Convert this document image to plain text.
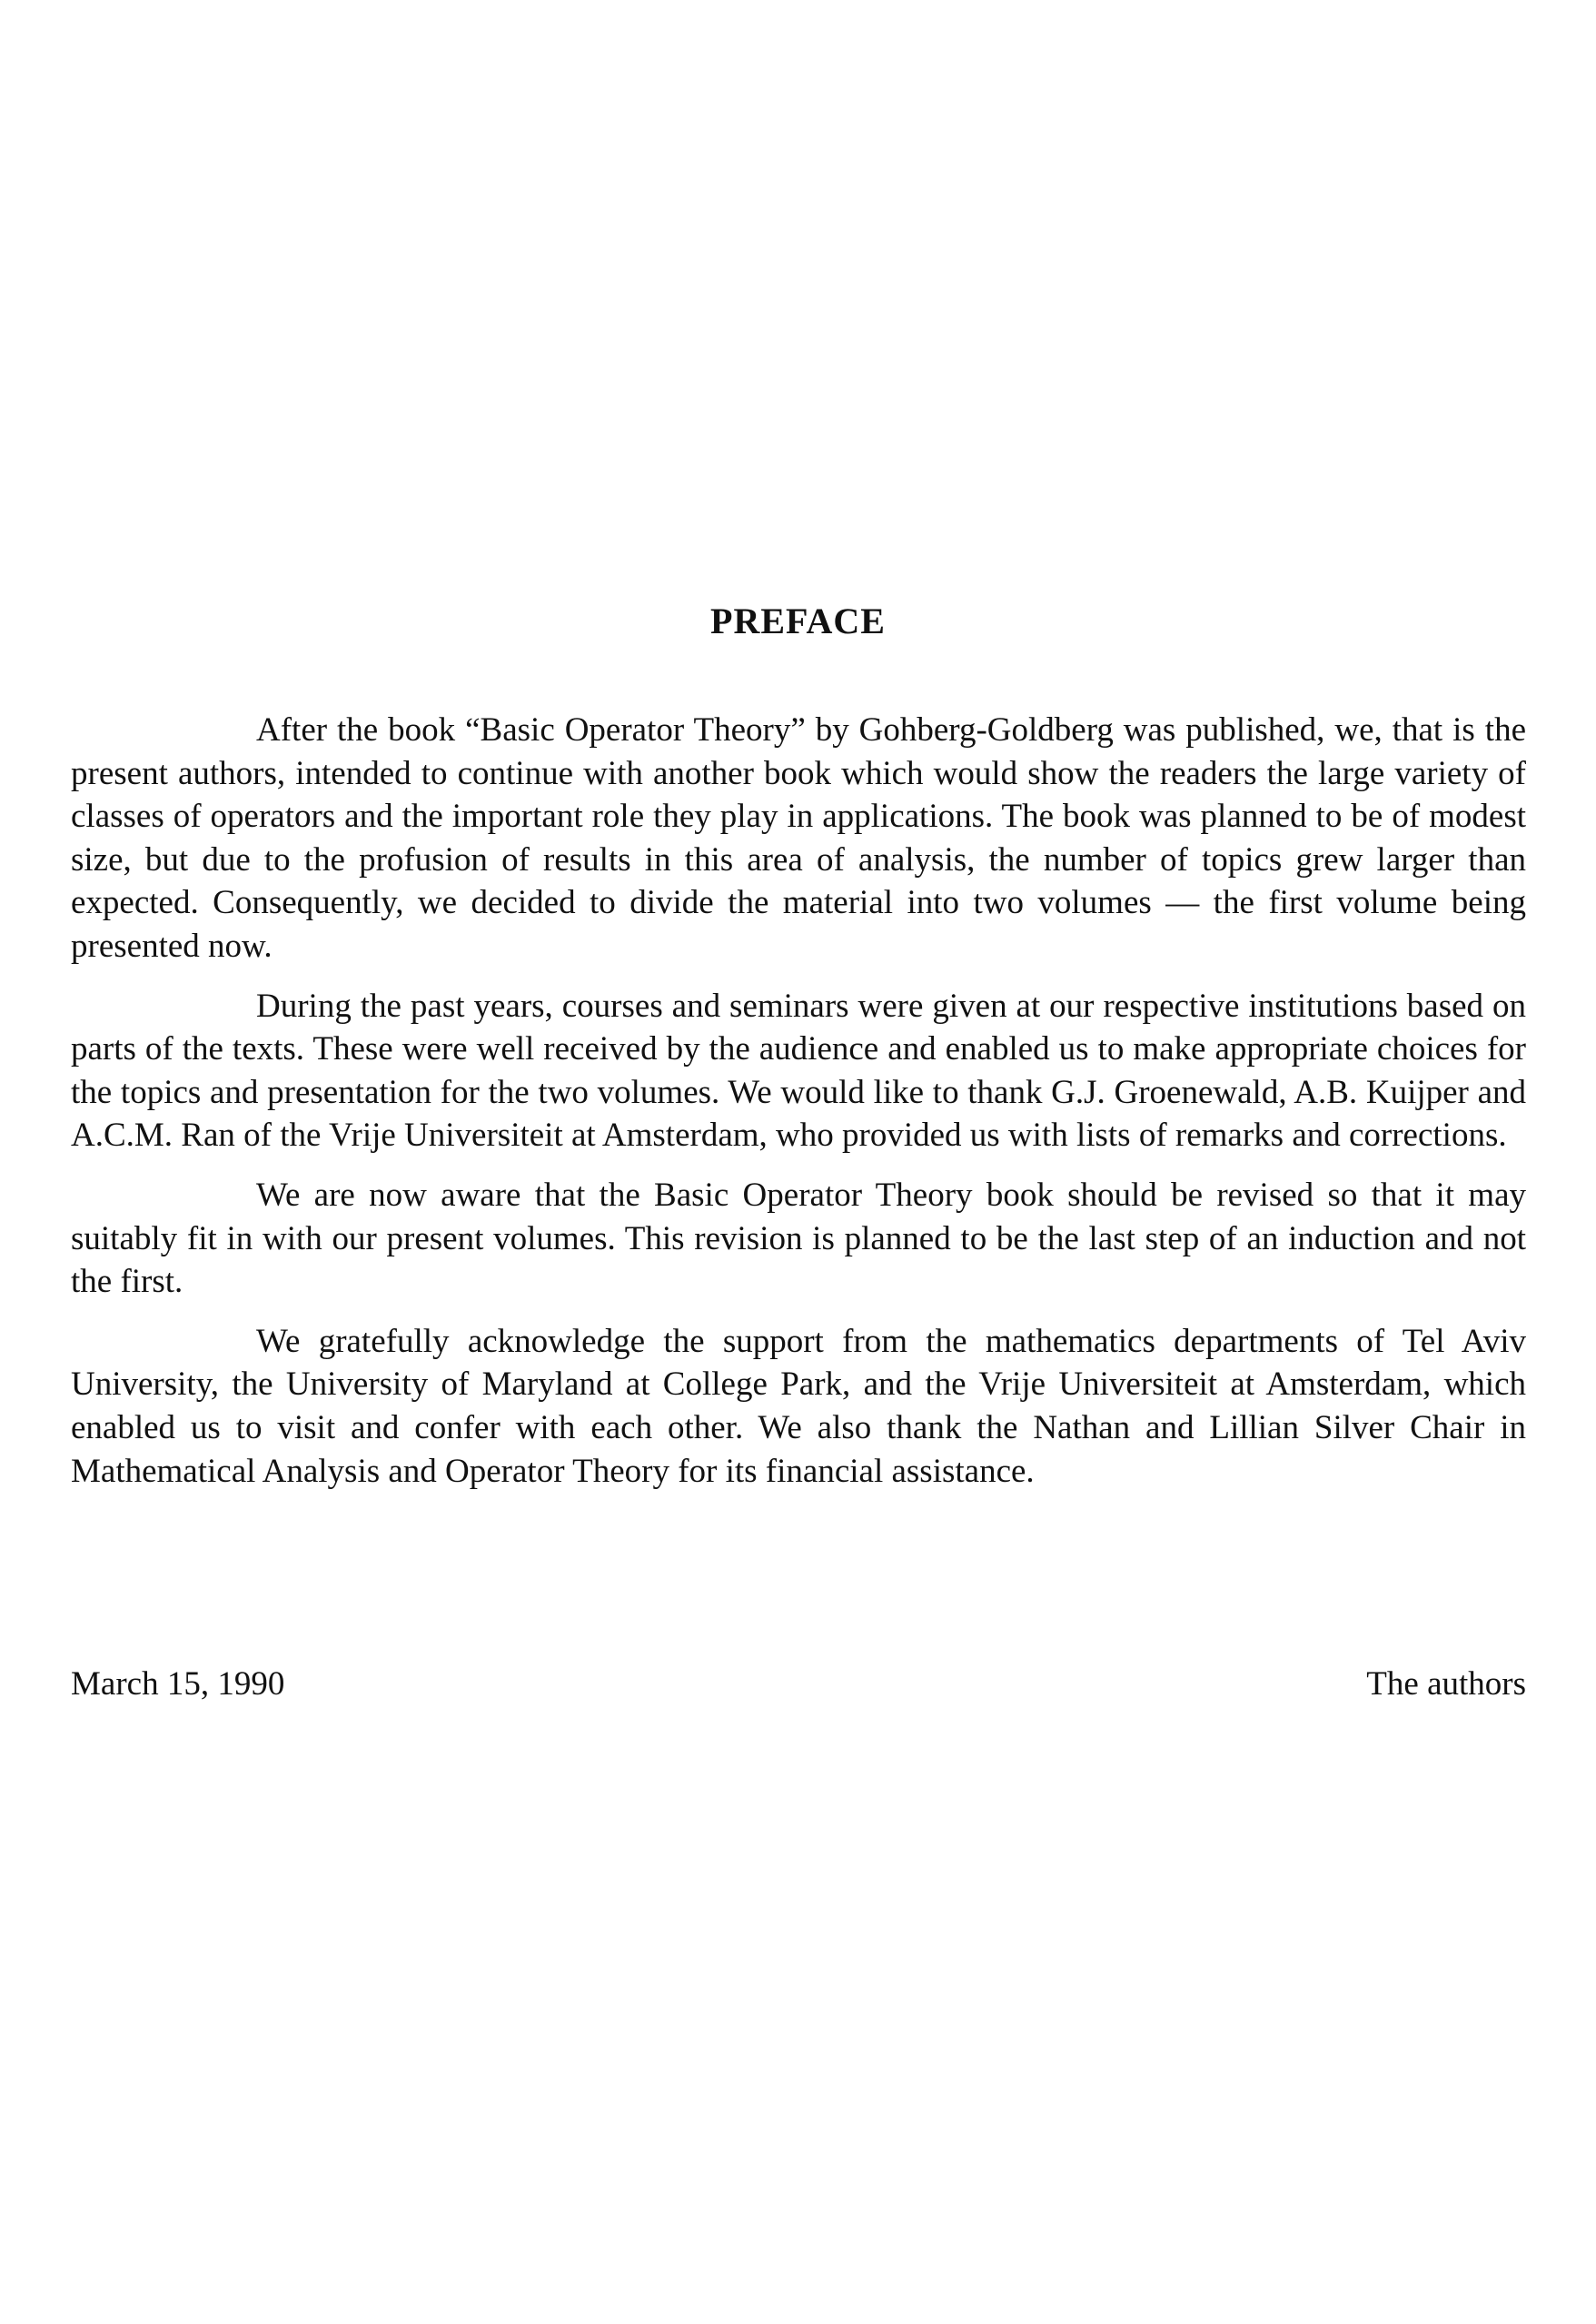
PREFACE

After the book “Basic Operator Theory” by Gohberg-Goldberg was published, we, that is the present authors, intended to continue with another book which would show the readers the large variety of classes of operators and the important role they play in applications. The book was planned to be of modest size, but due to the profusion of results in this area of analysis, the number of topics grew larger than expected. Consequently, we decided to divide the material into two volumes — the first volume being presented now.

During the past years, courses and seminars were given at our respective institutions based on parts of the texts. These were well received by the audience and enabled us to make appropriate choices for the topics and presentation for the two volumes. We would like to thank G.J. Groenewald, A.B. Kuijper and A.C.M. Ran of the Vrije Universiteit at Amsterdam, who provided us with lists of remarks and corrections.

We are now aware that the Basic Operator Theory book should be revised so that it may suitably fit in with our present volumes. This revision is planned to be the last step of an induction and not the first.

We gratefully acknowledge the support from the mathematics departments of Tel Aviv University, the University of Maryland at College Park, and the Vrije Universiteit at Amsterdam, which enabled us to visit and confer with each other. We also thank the Nathan and Lillian Silver Chair in Mathematical Analysis and Operator Theory for its financial assistance.

March 15, 1990	The authors
